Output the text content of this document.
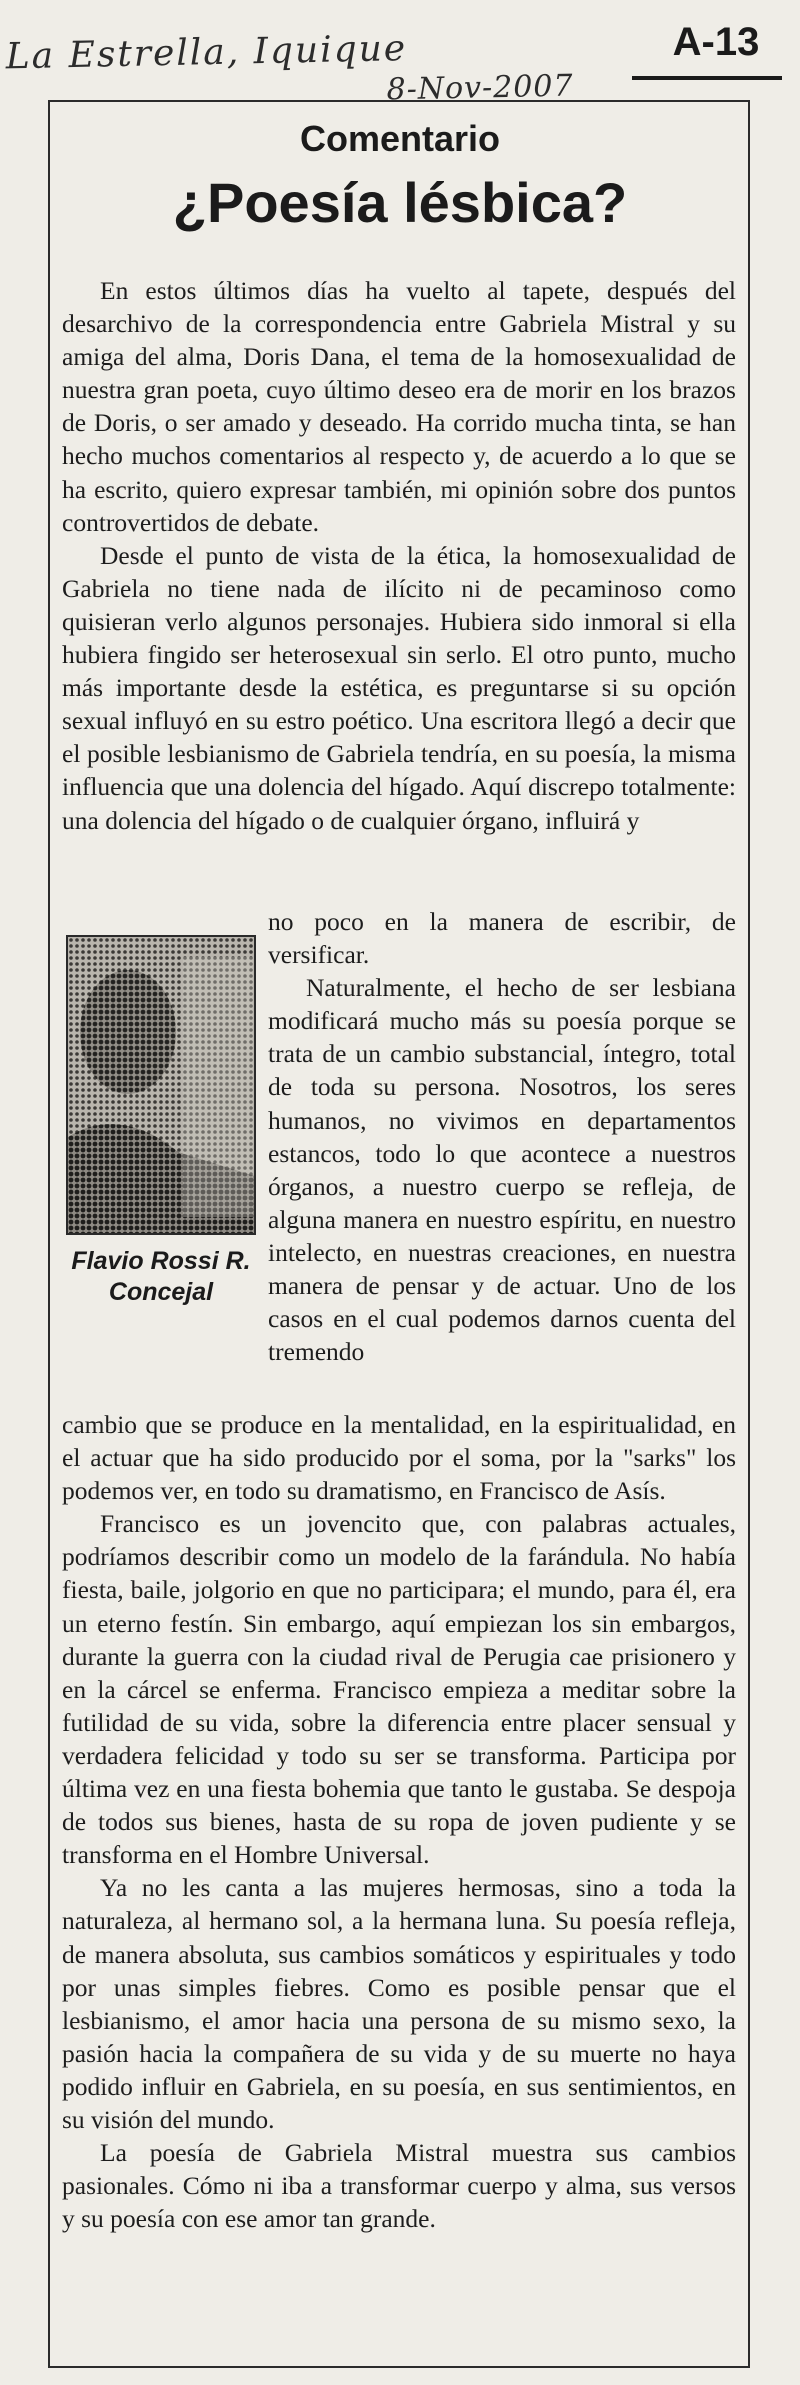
La Estrella, Iquique
8-Nov-2007
A-13
Comentario
¿Poesía lésbica?

En estos últimos días ha vuelto al tapete, después del desarchivo de la correspondencia entre Gabriela Mistral y su amiga del alma, Doris Dana, el tema de la homosexualidad de nuestra gran poeta, cuyo último deseo era de morir en los brazos de Doris, o ser amado y deseado. Ha corrido mucha tinta, se han hecho muchos comentarios al respecto y, de acuerdo a lo que se ha escrito, quiero expresar también, mi opinión sobre dos puntos controvertidos de debate.

Desde el punto de vista de la ética, la homosexualidad de Gabriela no tiene nada de ilícito ni de pecaminoso como quisieran verlo algunos personajes. Hubiera sido inmoral si ella hubiera fingido ser heterosexual sin serlo. El otro punto, mucho más importante desde la estética, es preguntarse si su opción sexual influyó en su estro poético. Una escritora llegó a decir que el posible lesbianismo de Gabriela tendría, en su poesía, la misma influencia que una dolencia del hígado. Aquí discrepo totalmente: una dolencia del hígado o de cualquier órgano, influirá y

Flavio Rossi R.
Concejal

no poco en la manera de escribir, de versificar.

Naturalmente, el hecho de ser lesbiana modificará mucho más su poesía porque se trata de un cambio substancial, íntegro, total de toda su persona. Nosotros, los seres humanos, no vivimos en departamentos estancos, todo lo que acontece a nuestros órganos, a nuestro cuerpo se refleja, de alguna manera en nuestro espíritu, en nuestro intelecto, en nuestras creaciones, en nuestra manera de pensar y de actuar. Uno de los casos en el cual podemos darnos cuenta del tremendo

cambio que se produce en la mentalidad, en la espiritualidad, en el actuar que ha sido producido por el soma, por la "sarks" los podemos ver, en todo su dramatismo, en Francisco de Asís.

Francisco es un jovencito que, con palabras actuales, podríamos describir como un modelo de la farándula. No había fiesta, baile, jolgorio en que no participara; el mundo, para él, era un eterno festín. Sin embargo, aquí empiezan los sin embargos, durante la guerra con la ciudad rival de Perugia cae prisionero y en la cárcel se enferma. Francisco empieza a meditar sobre la futilidad de su vida, sobre la diferencia entre placer sensual y verdadera felicidad y todo su ser se transforma. Participa por última vez en una fiesta bohemia que tanto le gustaba. Se despoja de todos sus bienes, hasta de su ropa de joven pudiente y se transforma en el Hombre Universal.

Ya no les canta a las mujeres hermosas, sino a toda la naturaleza, al hermano sol, a la hermana luna. Su poesía refleja, de manera absoluta, sus cambios somáticos y espirituales y todo por unas simples fiebres. Como es posible pensar que el lesbianismo, el amor hacia una persona de su mismo sexo, la pasión hacia la compañera de su vida y de su muerte no haya podido influir en Gabriela, en su poesía, en sus sentimientos, en su visión del mundo.

La poesía de Gabriela Mistral muestra sus cambios pasionales. Cómo ni iba a transformar cuerpo y alma, sus versos y su poesía con ese amor tan grande.
